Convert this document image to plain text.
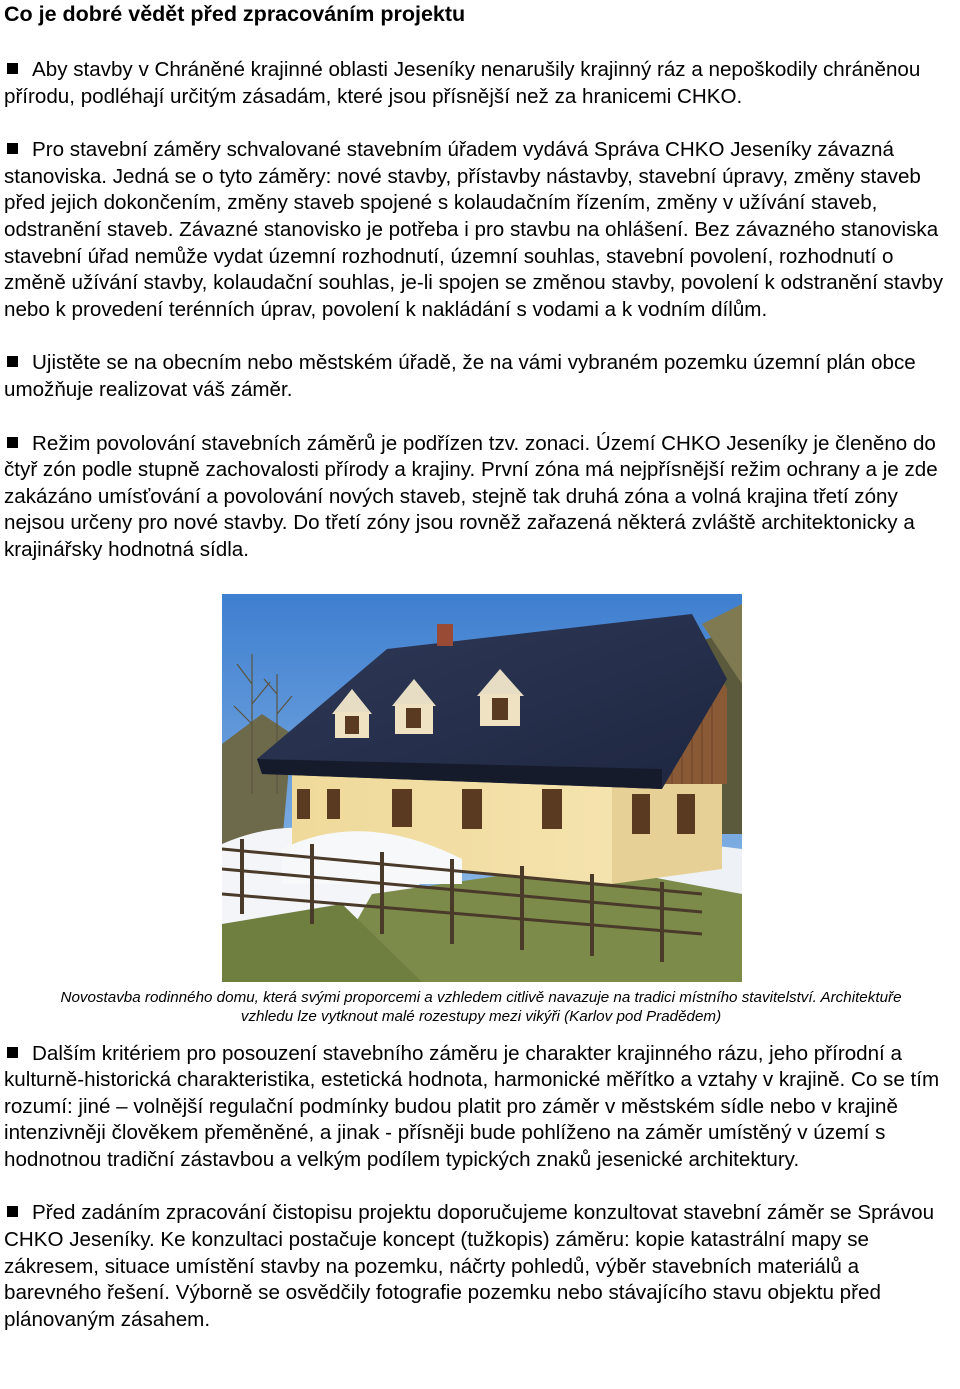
Co je dobré vědět před zpracováním projektu

Aby stavby v Chráněné krajinné oblasti Jeseníky nenarušily krajinný ráz a nepoškodily chráněnou přírodu, podléhají určitým zásadám, které jsou přísnější než za hranicemi CHKO.

Pro stavební záměry schvalované stavebním úřadem vydává Správa CHKO Jeseníky závazná stanoviska. Jedná se o tyto záměry: nové stavby, přístavby nástavby, stavební úpravy, změny staveb před jejich dokončením, změny staveb spojené s kolaudačním řízením, změny v užívání staveb, odstranění staveb. Závazné stanovisko je potřeba i pro stavbu na ohlášení. Bez závazného stanoviska stavební úřad nemůže vydat územní rozhodnutí, územní souhlas, stavební povolení, rozhodnutí o změně užívání stavby, kolaudační souhlas, je-li spojen se změnou stavby, povolení k odstranění stavby nebo k provedení terénních úprav, povolení k nakládání s vodami a k vodním dílům.

Ujistěte se na obecním nebo městském úřadě, že na vámi vybraném pozemku územní plán obce umožňuje realizovat váš záměr.

Režim povolování stavebních záměrů je podřízen tzv. zonaci. Území CHKO Jeseníky je členěno do čtyř zón podle stupně zachovalosti přírody a krajiny. První zóna má nejpřísnější režim ochrany a je zde zakázáno umísťování a povolování nových staveb, stejně tak druhá zóna a volná krajina třetí zóny nejsou určeny pro nové stavby. Do třetí zóny jsou rovněž zařazená některá zvláště architektonicky a krajinářsky hodnotná sídla.

Novostavba rodinného domu, která svými proporcemi a vzhledem citlivě navazuje na tradici místního stavitelství. Architektuře
vzhledu lze vytknout malé rozestupy mezi vikýři (Karlov pod Pradědem)

Dalším kritériem pro posouzení stavebního záměru je charakter krajinného rázu, jeho přírodní a kulturně-historická charakteristika, estetická hodnota, harmonické měřítko a vztahy v krajině. Co se tím rozumí: jiné – volnější regulační podmínky budou platit pro záměr v městském sídle nebo v krajině intenzivněji člověkem přeměněné, a jinak - přísněji bude pohlíženo na záměr umístěný v území s hodnotnou tradiční zástavbou a velkým podílem typických znaků jesenické architektury.

Před zadáním zpracování čistopisu projektu doporučujeme konzultovat stavební záměr se Správou CHKO Jeseníky. Ke konzultaci postačuje koncept (tužkopis) záměru: kopie katastrální mapy se zákresem, situace umístění stavby na pozemku, náčrty pohledů, výběr stavebních materiálů a barevného řešení. Výborně se osvědčily fotografie pozemku nebo stávajícího stavu objektu před plánovaným zásahem.
